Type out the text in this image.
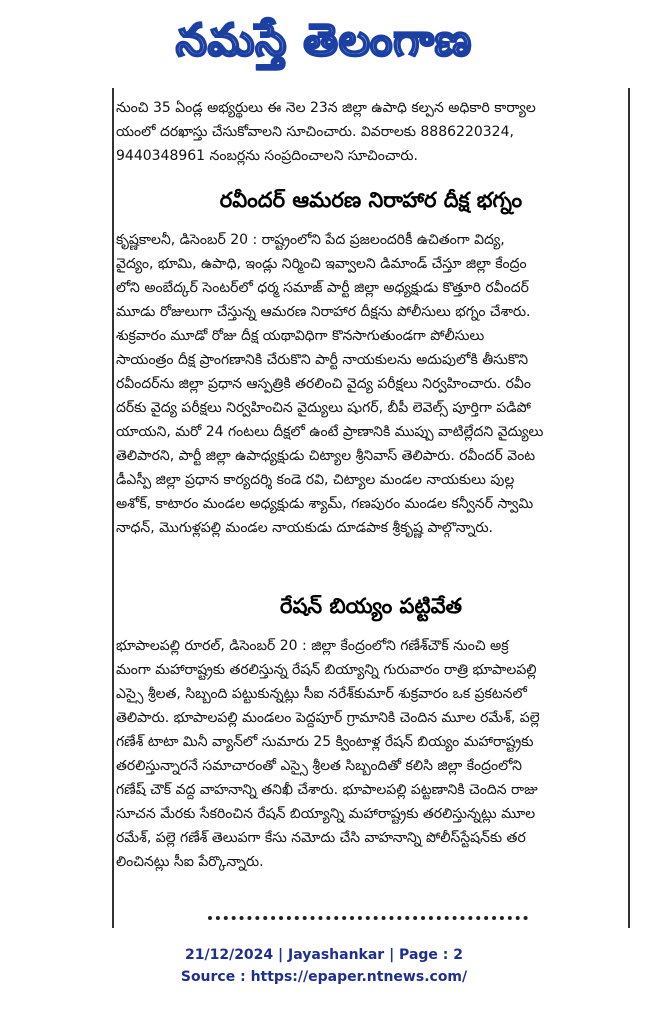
నమస్తే తెలంగాణ

నుంచి 35 ఏండ్ల అభ్యర్థులు ఈ నెల 23న జిల్లా ఉపాధి కల్పన అధికారి కార్యాల
యంలో దరఖాస్తు చేసుకోవాలని సూచించారు. వివరాలకు 8886220324,
9440348961 నంబర్లను సంప్రదించాలని సూచించారు.

రవీందర్ ఆమరణ నిరాహార దీక్ష భగ్నం

కృష్ణకాలనీ, డిసెంబర్ 20 : రాష్ట్రంలోని పేద ప్రజలందరికీ ఉచితంగా విద్య,
వైద్యం, భూమి, ఉపాధి, ఇండ్లు నిర్మించి ఇవ్వాలని డిమాండ్ చేస్తూ జిల్లా కేంద్రం
లోని అంబేద్కర్ సెంటర్‌లో ధర్మ సమాజ్ పార్టీ జిల్లా అధ్యక్షుడు కొత్తూరి రవీందర్
మూడు రోజులుగా చేస్తున్న ఆమరణ నిరాహార దీక్షను పోలీసులు భగ్నం చేశారు.
శుక్రవారం మూడో రోజు దీక్ష యథావిధిగా కొనసాగుతుండగా పోలీసులు
సాయంత్రం దీక్ష ప్రాంగణానికి చేరుకొని పార్టీ నాయకులను అదుపులోకి తీసుకొని
రవీందర్‌ను జిల్లా ప్రధాన ఆస్పత్రికి తరలించి వైద్య పరీక్షలు నిర్వహించారు. రవీం
దర్‌కు వైద్య పరీక్షలు నిర్వహించిన వైద్యులు షుగర్, బీపీ లెవెల్స్ పూర్తిగా పడిపో
యాయని, మరో 24 గంటలు దీక్షలో ఉంటే ప్రాణానికి ముప్పు వాటిల్లేదని వైద్యులు
తెలిపారని, పార్టీ జిల్లా ఉపాధ్యక్షుడు చిట్యాల శ్రీనివాస్ తెలిపారు. రవీందర్ వెంట
డీఎస్పీ జిల్లా ప్రధాన కార్యదర్శి కండె రవి, చిట్యాల మండల నాయకులు పుల్ల
అశోక్, కాటారం మండల అధ్యక్షుడు శ్యామ్, గణపురం మండల కన్వీనర్ స్వామి
నాధన్, మొగుళ్లపల్లి మండల నాయకుడు దూడపాక శ్రీకృష్ణ పాల్గొన్నారు.

రేషన్ బియ్యం పట్టివేత

భూపాలపల్లి రూరల్, డిసెంబర్ 20 : జిల్లా కేంద్రంలోని గణేశ్‌చౌక్ నుంచి అక్ర
మంగా మహారాష్ట్రకు తరలిస్తున్న రేషన్ బియ్యాన్ని గురువారం రాత్రి భూపాలపల్లి
ఎస్సై శ్రీలత, సిబ్బంది పట్టుకున్నట్లు సీఐ నరేశ్‌కుమార్ శుక్రవారం ఒక ప్రకటనలో
తెలిపారు. భూపాలపల్లి మండలం పెద్దపూర్ గ్రామానికి చెందిన మూల రమేశ్, పల్లె
గణేశ్ టాటా మినీ వ్యాన్‌లో సుమారు 25 క్వింటాళ్ల రేషన్ బియ్యం మహారాష్ట్రకు
తరలిస్తున్నారనే సమాచారంతో ఎస్సై శ్రీలత సిబ్బందితో కలిసి జిల్లా కేంద్రంలోని
గణేష్ చౌక్ వద్ద వాహనాన్ని తనిఖీ చేశారు. భూపాలపల్లి పట్టణానికి చెందిన రాజు
సూచన మేరకు సేకరించిన రేషన్ బియ్యాన్ని మహారాష్ట్రకు తరలిస్తున్నట్లు మూల
రమేశ్, పల్లె గణేశ్ తెలుపగా కేసు నమోదు చేసి వాహనాన్ని పోలీస్‌స్టేషన్‌కు తర
లించినట్లు సీఐ పేర్కొన్నారు.

21/12/2024 | Jayashankar | Page : 2
Source : https://epaper.ntnews.com/
